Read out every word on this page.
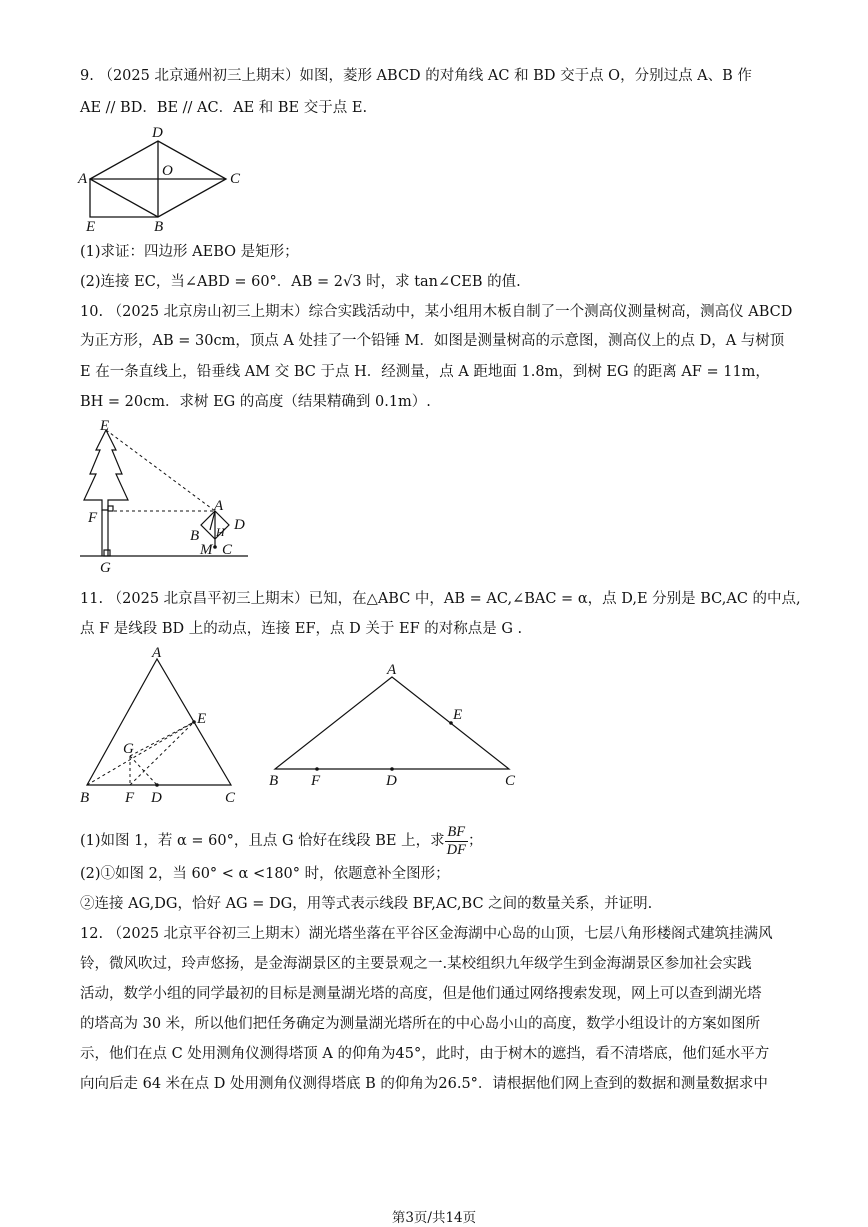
9. （2025 北京通州初三上期末）如图，菱形 ABCD 的对角线 AC 和 BD 交于点 O，分别过点 A、B 作
AE // BD．BE // AC．AE 和 BE 交于点 E.
D
A	O	C
E	B
(1)求证：四边形 AEBO 是矩形；
(2)连接 EC，当∠ABD = 60°．AB = 2√3 时，求 tan∠CEB 的值.
10. （2025 北京房山初三上期末）综合实践活动中，某小组用木板自制了一个测高仪测量树高，测高仪 ABCD
为正方形，AB = 30cm，顶点 A 处挂了一个铅锤 M．如图是测量树高的示意图，测高仪上的点 D，A 与树顶
E 在一条直线上，铅垂线 AM 交 BC 于点 H．经测量，点 A 距地面 1.8m，到树 EG 的距离 AF = 11m，
BH = 20cm．求树 EG 的高度（结果精确到 0.1m）.
E
F
G
A
D
B H
M C
11. （2025 北京昌平初三上期末）已知，在△ABC 中，AB = AC,∠BAC = α，点 D,E 分别是 BC,AC 的中点,
点 F 是线段 BD 上的动点，连接 EF，点 D 关于 EF 的对称点是 G .
A
E
G
B F D	C
A
E
B F	D	C
(1)如图 1，若 α = 60°，且点 G 恰好在线段 BE 上，求 $\frac{BF}{DF}$ ；
(2)①如图 2，当 60° < α <180° 时，依题意补全图形；
②连接 AG,DG，恰好 AG = DG，用等式表示线段 BF,AC,BC 之间的数量关系，并证明.
12. （2025 北京平谷初三上期末）湖光塔坐落在平谷区金海湖中心岛的山顶，七层八角形楼阁式建筑挂满风
铃，微风吹过，玲声悠扬，是金海湖景区的主要景观之一.某校组织九年级学生到金海湖景区参加社会实践
活动，数学小组的同学最初的目标是测量湖光塔的高度，但是他们通过网络搜索发现，网上可以查到湖光塔
的塔高为 30 米，所以他们把任务确定为测量湖光塔所在的中心岛小山的高度，数学小组设计的方案如图所
示，他们在点 C 处用测角仪测得塔顶 A 的仰角为45°，此时，由于树木的遮挡，看不清塔底，他们延水平方
向向后走 64 米在点 D 处用测角仪测得塔底 B 的仰角为26.5°．请根据他们网上查到的数据和测量数据求中
第3页/共14页
